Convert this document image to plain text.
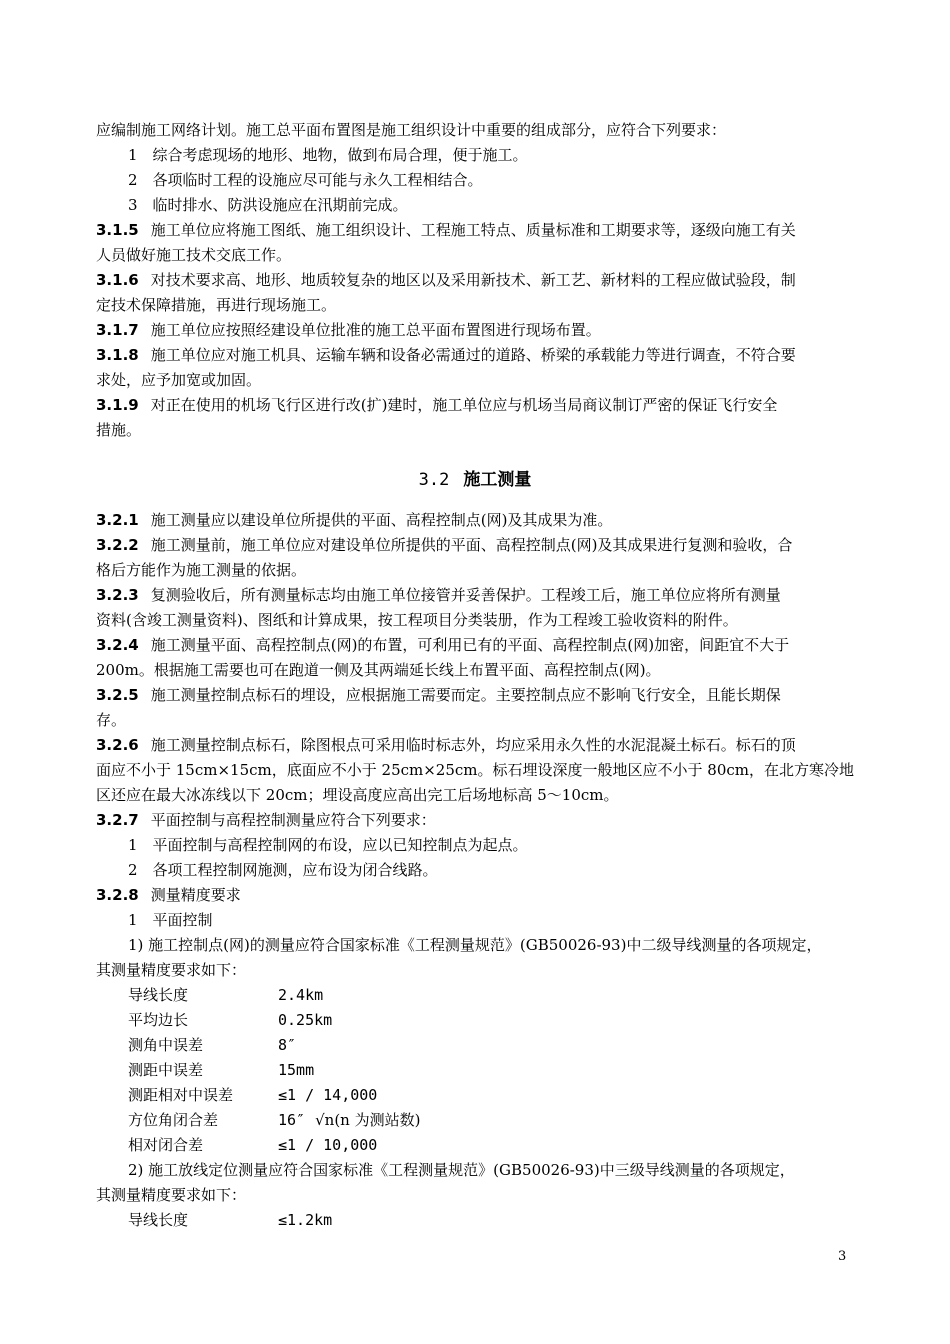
应编制施工网络计划。施工总平面布置图是施工组织设计中重要的组成部分，应符合下列要求：
1　综合考虑现场的地形、地物，做到布局合理，便于施工。
2　各项临时工程的设施应尽可能与永久工程相结合。
3　临时排水、防洪设施应在汛期前完成。
3.1.5 施工单位应将施工图纸、施工组织设计、工程施工特点、质量标准和工期要求等，逐级向施工有关
人员做好施工技术交底工作。
3.1.6 对技术要求高、地形、地质较复杂的地区以及采用新技术、新工艺、新材料的工程应做试验段，制
定技术保障措施，再进行现场施工。
3.1.7 施工单位应按照经建设单位批准的施工总平面布置图进行现场布置。
3.1.8 施工单位应对施工机具、运输车辆和设备必需通过的道路、桥梁的承载能力等进行调查，不符合要
求处，应予加宽或加固。
3.1.9 对正在使用的机场飞行区进行改(扩)建时，施工单位应与机场当局商议制订严密的保证飞行安全
措施。
3.2 施工测量
3.2.1 施工测量应以建设单位所提供的平面、高程控制点(网)及其成果为准。
3.2.2 施工测量前，施工单位应对建设单位所提供的平面、高程控制点(网)及其成果进行复测和验收，合
格后方能作为施工测量的依据。
3.2.3 复测验收后，所有测量标志均由施工单位接管并妥善保护。工程竣工后，施工单位应将所有测量
资料(含竣工测量资料)、图纸和计算成果，按工程项目分类装册，作为工程竣工验收资料的附件。
3.2.4 施工测量平面、高程控制点(网)的布置，可利用已有的平面、高程控制点(网)加密，间距宜不大于
200m。根据施工需要也可在跑道一侧及其两端延长线上布置平面、高程控制点(网)。
3.2.5 施工测量控制点标石的埋设，应根据施工需要而定。主要控制点应不影响飞行安全，且能长期保
存。
3.2.6 施工测量控制点标石，除图根点可采用临时标志外，均应采用永久性的水泥混凝土标石。标石的顶
面应不小于 15cm×15cm，底面应不小于 25cm×25cm。标石埋设深度一般地区应不小于 80cm，在北方寒冷地
区还应在最大冰冻线以下 20cm；埋设高度应高出完工后场地标高 5～10cm。
3.2.7 平面控制与高程控制测量应符合下列要求：
1　平面控制与高程控制网的布设，应以已知控制点为起点。
2　各项工程控制网施测，应布设为闭合线路。
3.2.8 测量精度要求
1　平面控制
1) 施工控制点(网)的测量应符合国家标准《工程测量规范》(GB50026-93)中二级导线测量的各项规定，
其测量精度要求如下：
导线长度	2.4km
平均边长	0.25km
测角中误差	8″
测距中误差	15mm
测距相对中误差	≤1 / 14,000
方位角闭合差	16″ √n(n 为测站数)
相对闭合差	≤1 / 10,000
2) 施工放线定位测量应符合国家标准《工程测量规范》(GB50026-93)中三级导线测量的各项规定，
其测量精度要求如下：
导线长度	≤1.2km
3
